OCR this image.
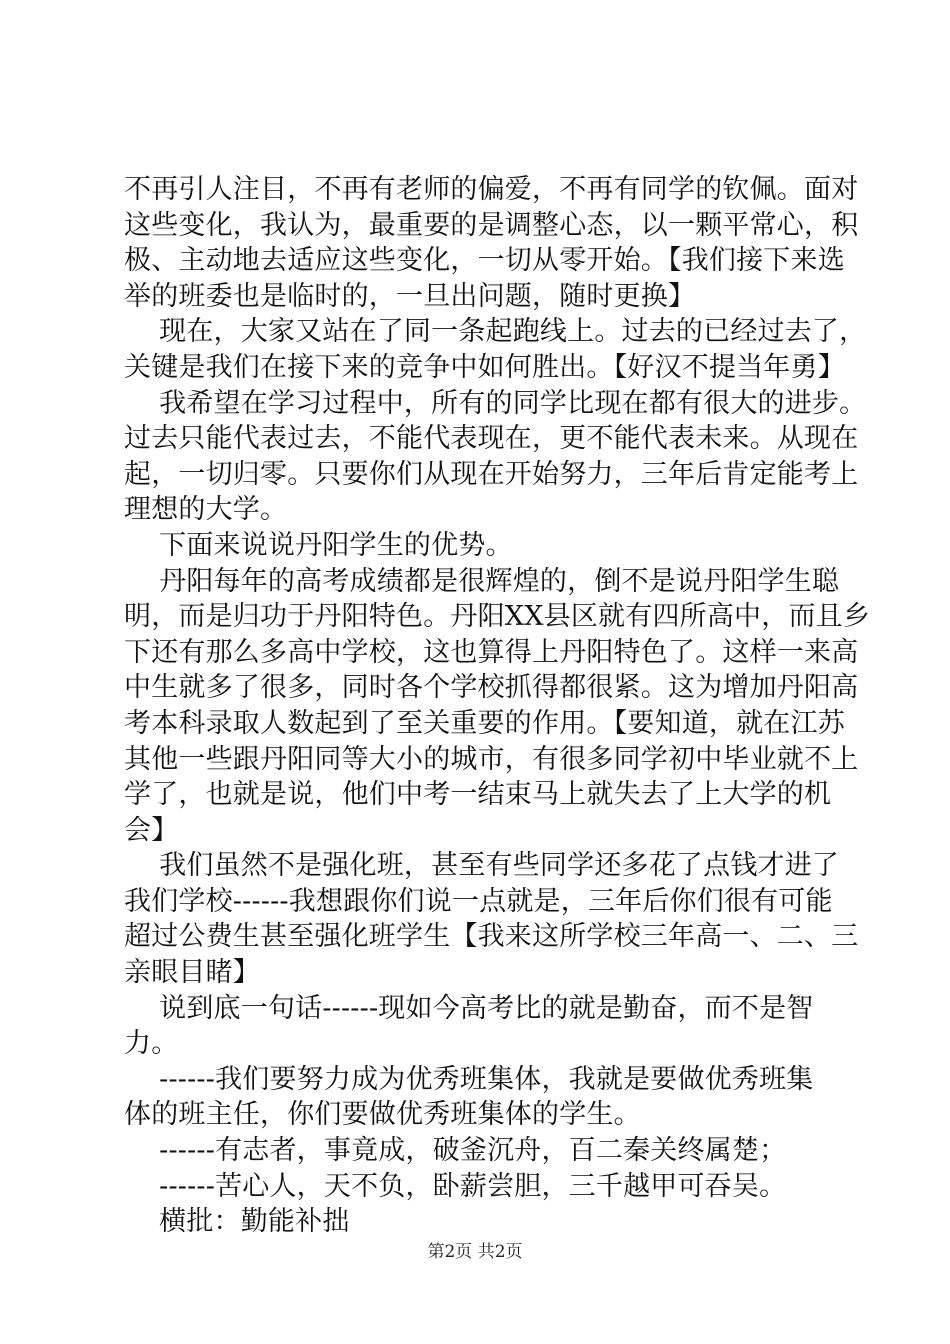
不再引人注目，不再有老师的偏爱，不再有同学的钦佩。面对
这些变化，我认为，最重要的是调整心态，以一颗平常心，积
极、主动地去适应这些变化，一切从零开始。【我们接下来选
举的班委也是临时的，一旦出问题，随时更换】
现在，大家又站在了同一条起跑线上。过去的已经过去了，
关键是我们在接下来的竞争中如何胜出。【好汉不提当年勇】
我希望在学习过程中，所有的同学比现在都有很大的进步。
过去只能代表过去，不能代表现在，更不能代表未来。从现在
起，一切归零。只要你们从现在开始努力，三年后肯定能考上
理想的大学。
下面来说说丹阳学生的优势。
丹阳每年的高考成绩都是很辉煌的，倒不是说丹阳学生聪
明，而是归功于丹阳特色。丹阳XX县区就有四所高中，而且乡
下还有那么多高中学校，这也算得上丹阳特色了。这样一来高
中生就多了很多，同时各个学校抓得都很紧。这为增加丹阳高
考本科录取人数起到了至关重要的作用。【要知道，就在江苏
其他一些跟丹阳同等大小的城市，有很多同学初中毕业就不上
学了，也就是说，他们中考一结束马上就失去了上大学的机
会】
我们虽然不是强化班，甚至有些同学还多花了点钱才进了
我们学校------我想跟你们说一点就是，三年后你们很有可能
超过公费生甚至强化班学生【我来这所学校三年高一、二、三
亲眼目睹】
说到底一句话------现如今高考比的就是勤奋，而不是智
力。
------我们要努力成为优秀班集体，我就是要做优秀班集
体的班主任，你们要做优秀班集体的学生。
------有志者，事竟成，破釜沉舟，百二秦关终属楚；
------苦心人，天不负，卧薪尝胆，三千越甲可吞吴。
横批：勤能补拙
第2页 共2页
